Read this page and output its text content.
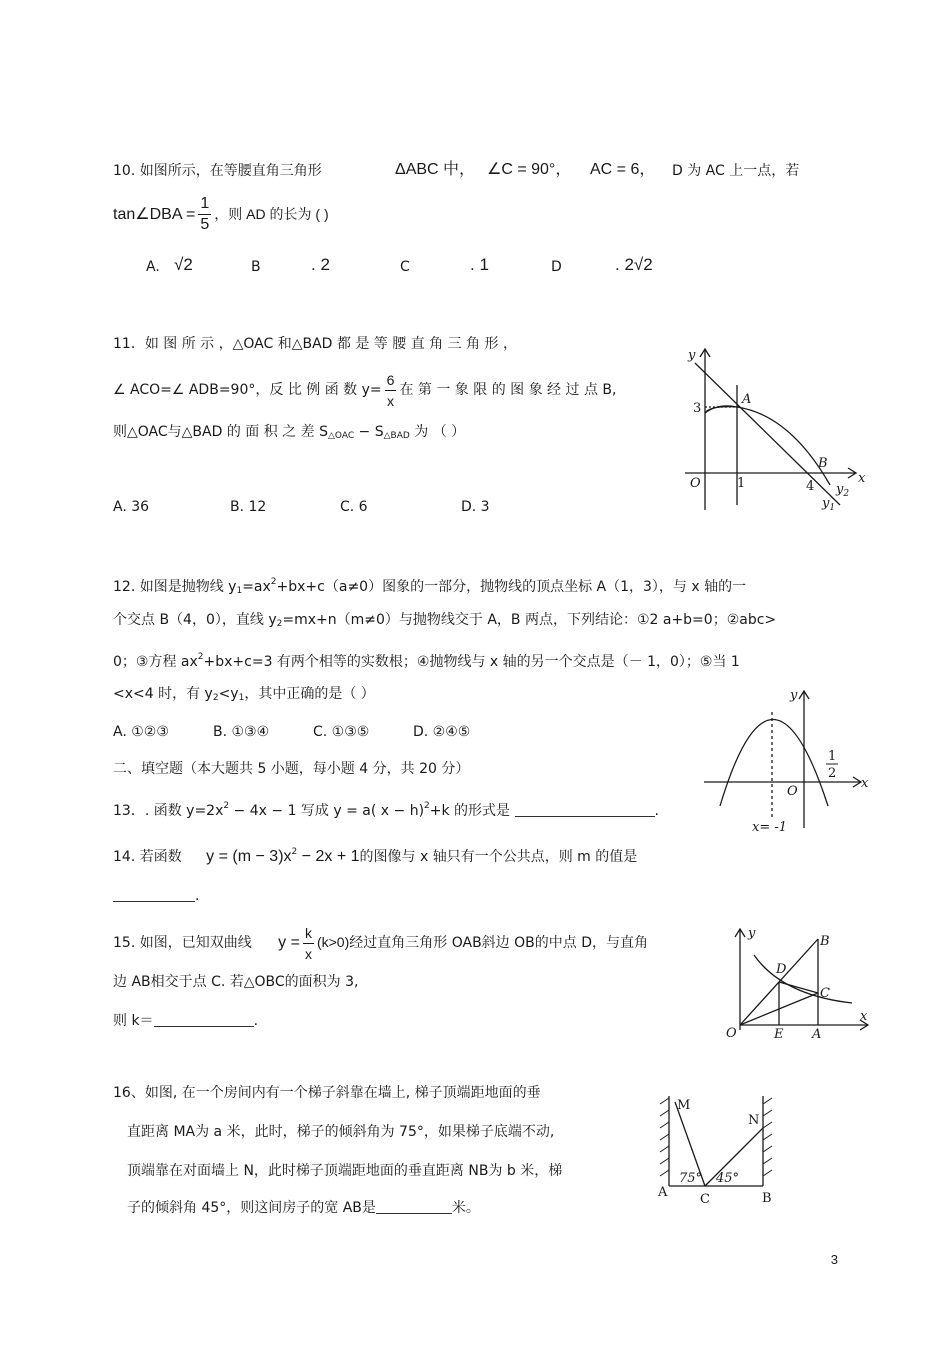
10. 如图所示，在等腰直角三角形	ΔABC 中， ∠C = 90°， AC = 6， D 为 AC 上一点，若
tan∠DBA = $\frac{1}{5}$ ，则 AD 的长为 ( )
A. √2	B	. 2	C	. 1	D	. 2√2
11．如 图 所 示 ，△OAC 和△BAD 都 是 等 腰 直 角 三 角 形 ，
∠ ACO=∠ ADB=90°，反 比 例 函 数 $y= \frac{6}{x}$ 在 第 一 象 限 的 图 象 经 过 点 B,
则△OAC与△BAD 的 面 积 之 差 $S_{\triangle OAC} - S_{\triangle BAD}$ 为 （ ）
A. 36	B. 12	C. 6	D. 3
y
x
O
3
1	4
A
B
$y_2$
$y_1$
12. 如图是抛物线 $y_1=ax^2+bx+c(a\ne 0)$图象的一部分，抛物线的顶点坐标 A（1，3），与 x 轴的一
个交点 B（4，0），直线 $y_2=mx+n(m\ne 0)$与抛物线交于 A，B 两点，下列结论：①2 a+b=0；②abc>
0；③方程 $ax^2+bx+c=3$ 有两个相等的实数根；④抛物线与 x 轴的另一个交点是（－ 1，0）；⑤当 1
<x<4 时，有 $y_2<y_1$，其中正确的是（ ）
A. ①②③	B. ①③④	C. ①③⑤	D. ②④⑤
二、填空题（本大题共 5 小题，每小题 4 分，共 20 分）
y
x
O
1
2
x= -1
13．. 函数 $y=2x^2 - 4x - 1$ 写成 y = a( x − h)$^2$+k 的形式是	.
14. 若函数 $y = (m - 3)x^2 - 2x + 1$的图像与 x 轴只有一个公共点，则 m 的值是
.
15. 如图，已知双曲线 $y = \frac{k}{x} (k>0)$经过直角三角形 OAB斜边 OB的中点 D，与直角
边 AB相交于点 C. 若△OBC的面积为 3,
则 k＝	.
y
x
O	E A
B
C
D
16、如图, 在一个房间内有一个梯子斜靠在墙上, 梯子顶端距地面的垂
直距离 MA为 a 米，此时，梯子的倾斜角为 75°，如果梯子底端不动,
顶端靠在对面墙上 N，此时梯子顶端距地面的垂直距离 NB为 b 米，梯
子的倾斜角 45°，则这间房子的宽 AB是	米。
M
N
A	B
C
75° 45°
3
